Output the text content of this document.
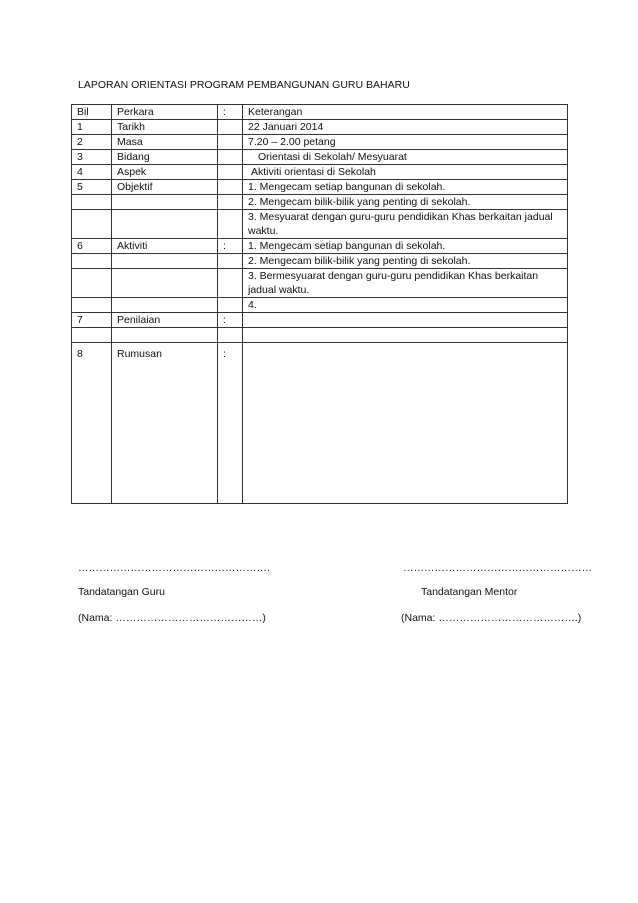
LAPORAN ORIENTASI PROGRAM PEMBANGUNAN GURU BAHARU
Bil	Perkara	:	Keterangan
1	Tarikh		22 Januari 2014
2	Masa		7.20 – 2.00 petang
3	Bidang		Orientasi di Sekolah/ Mesyuarat
4	Aspek		Aktiviti orientasi di Sekolah
5	Objektif		1. Mengecam setiap bangunan di sekolah.
			2. Mengecam bilik-bilik yang penting di sekolah.
			3. Mesyuarat dengan guru-guru pendidikan Khas berkaitan jadual waktu.
6	Aktiviti	:	1. Mengecam setiap bangunan di sekolah.
			2. Mengecam bilik-bilik yang penting di sekolah.
			3. Bermesyuarat dengan guru-guru pendidikan Khas berkaitan jadual waktu.
			4.
7	Penilaian	:	

8	Rumusan	:	
……………………………………………….	………………………………………………
Tandatangan Guru	Tandatangan Mentor
(Nama: ……………………………………)	(Nama: ………………………………….)
